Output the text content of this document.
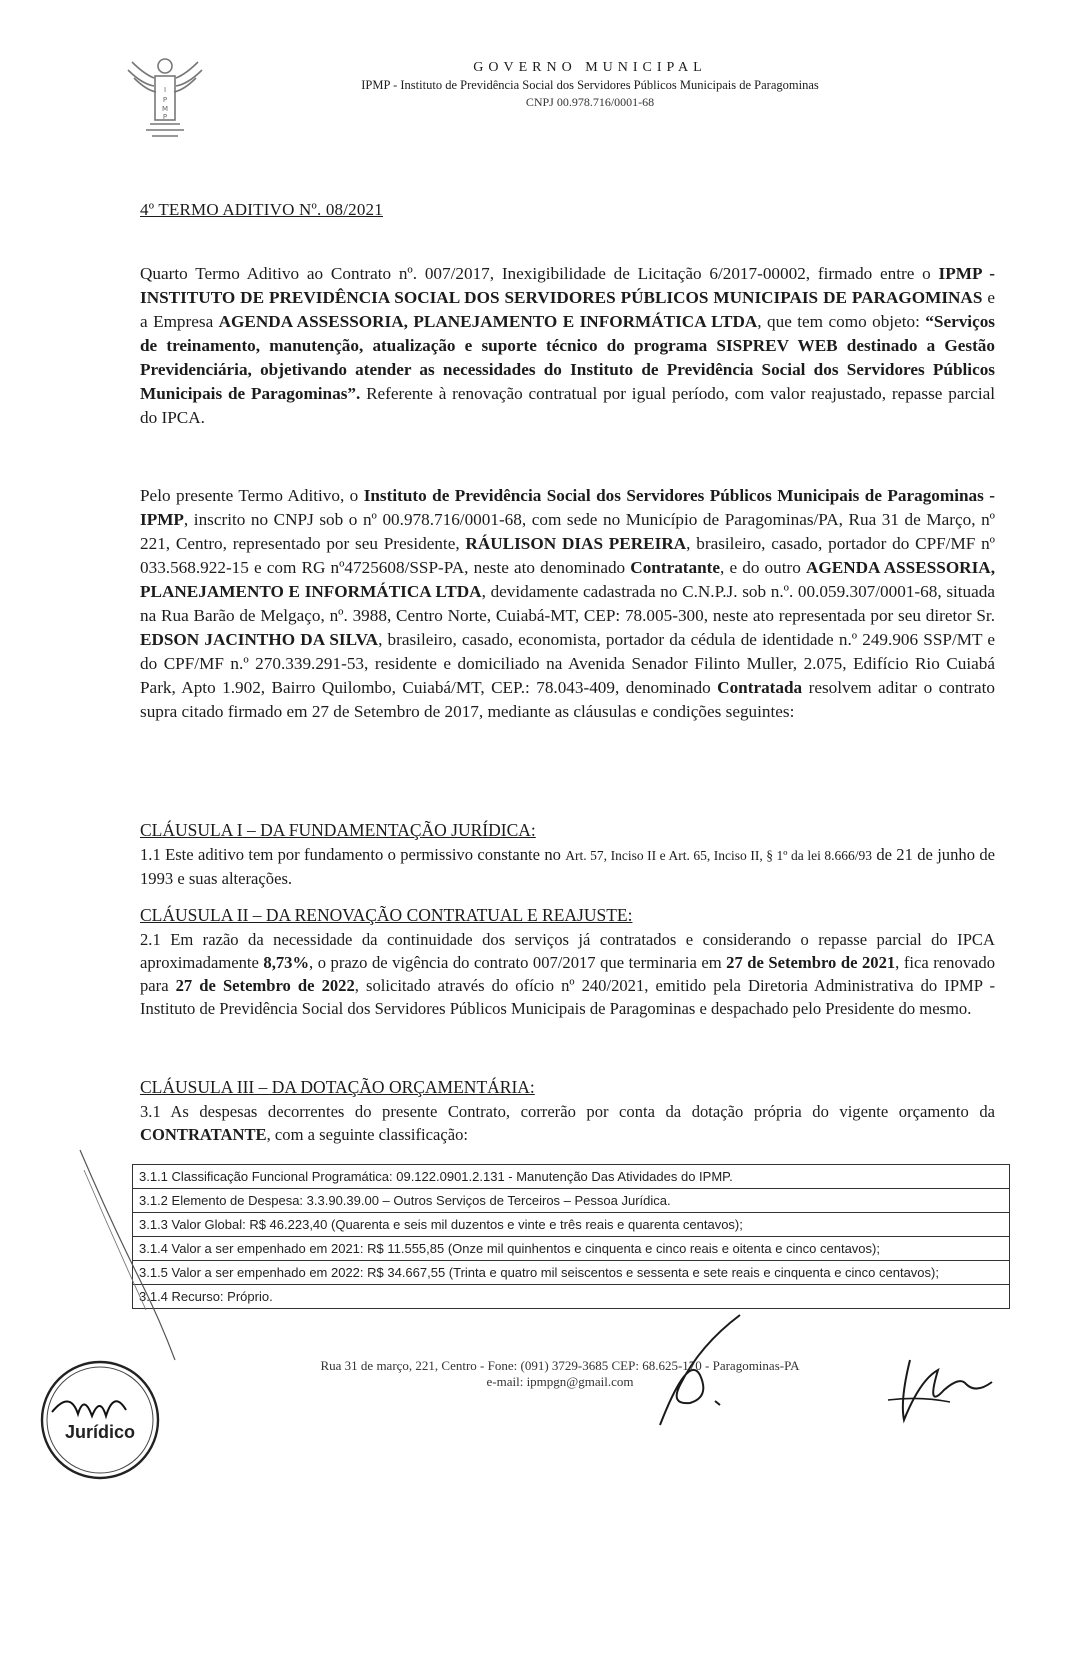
I
P
M
P
GOVERNO MUNICIPAL
IPMP - Instituto de Previdência Social dos Servidores Públicos Municipais de Paragominas
CNPJ 00.978.716/0001-68
4º TERMO ADITIVO Nº. 08/2021
Quarto Termo Aditivo ao Contrato nº. 007/2017, Inexigibilidade de Licitação 6/2017-00002, firmado entre o IPMP - INSTITUTO DE PREVIDÊNCIA SOCIAL DOS SERVIDORES PÚBLICOS MUNICIPAIS DE PARAGOMINAS e a Empresa AGENDA ASSESSORIA, PLANEJAMENTO E INFORMÁTICA LTDA, que tem como objeto: “Serviços de treinamento, manutenção, atualização e suporte técnico do programa SISPREV WEB destinado a Gestão Previdenciária, objetivando atender as necessidades do Instituto de Previdência Social dos Servidores Públicos Municipais de Paragominas”. Referente à renovação contratual por igual período, com valor reajustado, repasse parcial do IPCA.
Pelo presente Termo Aditivo, o Instituto de Previdência Social dos Servidores Públicos Municipais de Paragominas - IPMP, inscrito no CNPJ sob o nº 00.978.716/0001-68, com sede no Município de Paragominas/PA, Rua 31 de Março, nº 221, Centro, representado por seu Presidente, RÁULISON DIAS PEREIRA, brasileiro, casado, portador do CPF/MF nº 033.568.922-15 e com RG nº4725608/SSP-PA, neste ato denominado Contratante, e do outro AGENDA ASSESSORIA, PLANEJAMENTO E INFORMÁTICA LTDA, devidamente cadastrada no C.N.P.J. sob n.º. 00.059.307/0001-68, situada na Rua Barão de Melgaço, nº. 3988, Centro Norte, Cuiabá-MT, CEP: 78.005-300, neste ato representada por seu diretor Sr. EDSON JACINTHO DA SILVA, brasileiro, casado, economista, portador da cédula de identidade n.º 249.906 SSP/MT e do CPF/MF n.º 270.339.291-53, residente e domiciliado na Avenida Senador Filinto Muller, 2.075, Edifício Rio Cuiabá Park, Apto 1.902, Bairro Quilombo, Cuiabá/MT, CEP.: 78.043-409, denominado Contratada resolvem aditar o contrato supra citado firmado em 27 de Setembro de 2017, mediante as cláusulas e condições seguintes:
CLÁUSULA I – DA FUNDAMENTAÇÃO JURÍDICA:
1.1 Este aditivo tem por fundamento o permissivo constante no Art. 57, Inciso II e Art. 65, Inciso II, § 1º da lei 8.666/93 de 21 de junho de 1993 e suas alterações.
CLÁUSULA II – DA RENOVAÇÃO CONTRATUAL E REAJUSTE:
2.1 Em razão da necessidade da continuidade dos serviços já contratados e considerando o repasse parcial do IPCA aproximadamente 8,73%, o prazo de vigência do contrato 007/2017 que terminaria em 27 de Setembro de 2021, fica renovado para 27 de Setembro de 2022, solicitado através do ofício nº 240/2021, emitido pela Diretoria Administrativa do IPMP - Instituto de Previdência Social dos Servidores Públicos Municipais de Paragominas e despachado pelo Presidente do mesmo.
CLÁUSULA III – DA DOTAÇÃO ORÇAMENTÁRIA:
3.1 As despesas decorrentes do presente Contrato, correrão por conta da dotação própria do vigente orçamento da CONTRATANTE, com a seguinte classificação:
3.1.1 Classificação Funcional Programática: 09.122.0901.2.131 - Manutenção Das Atividades do IPMP.
3.1.2 Elemento de Despesa: 3.3.90.39.00 – Outros Serviços de Terceiros – Pessoa Jurídica.
3.1.3 Valor Global: R$ 46.223,40 (Quarenta e seis mil duzentos e vinte e três reais e quarenta centavos);
3.1.4 Valor a ser empenhado em 2021: R$ 11.555,85 (Onze mil quinhentos e cinquenta e cinco reais e oitenta e cinco centavos);
3.1.5 Valor a ser empenhado em 2022: R$ 34.667,55 (Trinta e quatro mil seiscentos e sessenta e sete reais e cinquenta e cinco centavos);
3.1.4 Recurso: Próprio.
Rua 31 de março, 221, Centro - Fone: (091) 3729-3685 CEP: 68.625-170 - Paragominas-PA
e-mail: ipmpgn@gmail.com
Jurídico
